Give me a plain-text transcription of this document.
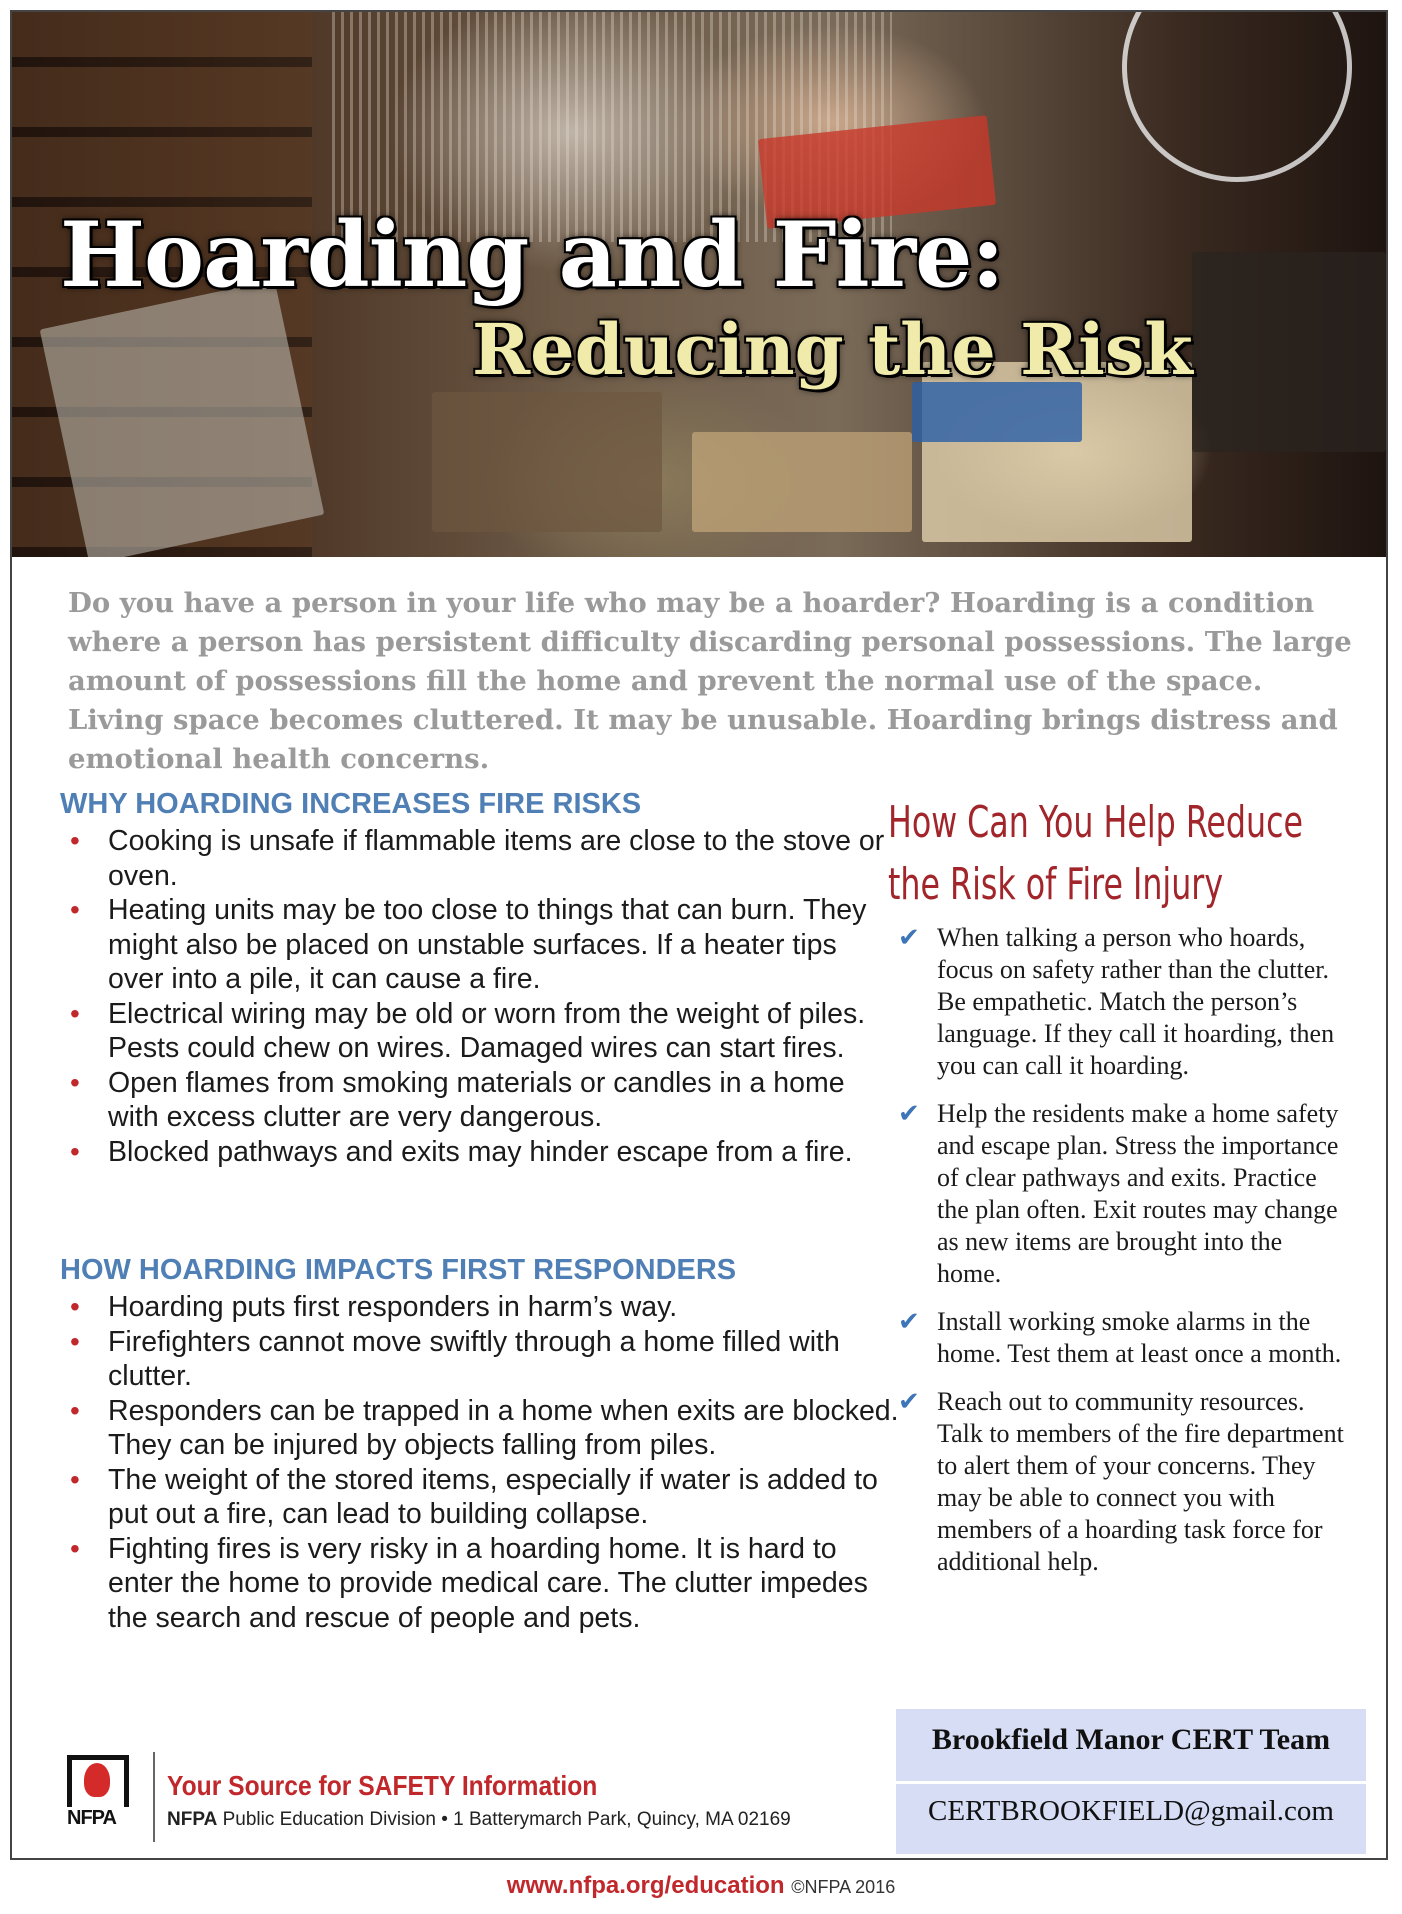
Hoarding and Fire:
Reducing the Risk
Do you have a person in your life who may be a hoarder? Hoarding is a condition where a person has persistent difficulty discarding personal possessions. The large amount of possessions fill the home and prevent the normal use of the space. Living space becomes cluttered. It may be unusable. Hoarding brings distress and emotional health concerns.
WHY HOARDING INCREASES FIRE RISKS
• Cooking is unsafe if flammable items are close to the stove or oven.
• Heating units may be too close to things that can burn. They might also be placed on unstable surfaces. If a heater tips over into a pile, it can cause a fire.
• Electrical wiring may be old or worn from the weight of piles. Pests could chew on wires. Damaged wires can start fires.
• Open flames from smoking materials or candles in a home with excess clutter are very dangerous.
• Blocked pathways and exits may hinder escape from a fire.
HOW HOARDING IMPACTS FIRST RESPONDERS
• Hoarding puts first responders in harm’s way.
• Firefighters cannot move swiftly through a home filled with clutter.
• Responders can be trapped in a home when exits are blocked. They can be injured by objects falling from piles.
• The weight of the stored items, especially if water is added to put out a fire, can lead to building collapse.
• Fighting fires is very risky in a hoarding home. It is hard to enter the home to provide medical care. The clutter impedes the search and rescue of people and pets.
How Can You Help Reduce
the Risk of Fire Injury
✔ When talking a person who hoards, focus on safety rather than the clutter. Be empathetic. Match the person’s language. If they call it hoarding, then you can call it hoarding.
✔ Help the residents make a home safety and escape plan. Stress the importance of clear pathways and exits. Practice the plan often. Exit routes may change as new items are brought into the home.
✔ Install working smoke alarms in the home. Test them at least once a month.
✔ Reach out to community resources. Talk to members of the fire department to alert them of your concerns. They may be able to connect you with members of a hoarding task force for additional help.
Brookfield Manor CERT Team
CERTBROOKFIELD@gmail.com
NFPA
Your Source for SAFETY Information
NFPA Public Education Division • 1 Batterymarch Park, Quincy, MA 02169
www.nfpa.org/education ©NFPA 2016
